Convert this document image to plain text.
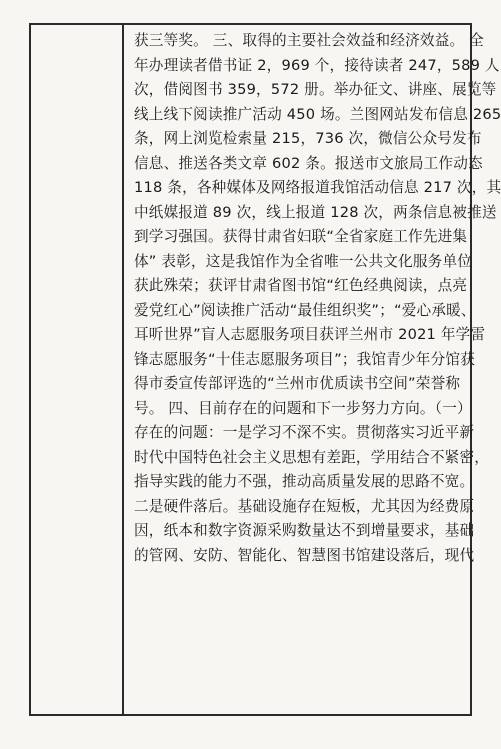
获三等奖。 三、取得的主要社会效益和经济效益。 全

年办理读者借书证 2，969 个，接待读者 247，589 人

次，借阅图书 359，572 册。举办征文、讲座、展览等

线上线下阅读推广活动 450 场。兰图网站发布信息 265

条，网上浏览检索量 215，736 次，微信公众号发布

信息、推送各类文章 602 条。报送市文旅局工作动态

118 条，各种媒体及网络报道我馆活动信息 217 次，其

中纸媒报道 89 次，线上报道 128 次，两条信息被推送

到学习强国。获得甘肃省妇联“全省家庭工作先进集

体” 表彰，这是我馆作为全省唯一公共文化服务单位

获此殊荣；获评甘肃省图书馆“红色经典阅读，点亮

爱党红心”阅读推广活动“最佳组织奖”；“爱心承暖、

耳听世界”盲人志愿服务项目获评兰州市 2021 年学雷

锋志愿服务“十佳志愿服务项目”；我馆青少年分馆获

得市委宣传部评选的“兰州市优质读书空间”荣誉称

号。 四、目前存在的问题和下一步努力方向。（一）

存在的问题：一是学习不深不实。贯彻落实习近平新

时代中国特色社会主义思想有差距，学用结合不紧密，

指导实践的能力不强，推动高质量发展的思路不宽。

二是硬件落后。基础设施存在短板，尤其因为经费原

因，纸本和数字资源采购数量达不到增量要求，基础

的管网、安防、智能化、智慧图书馆建设落后，现代
